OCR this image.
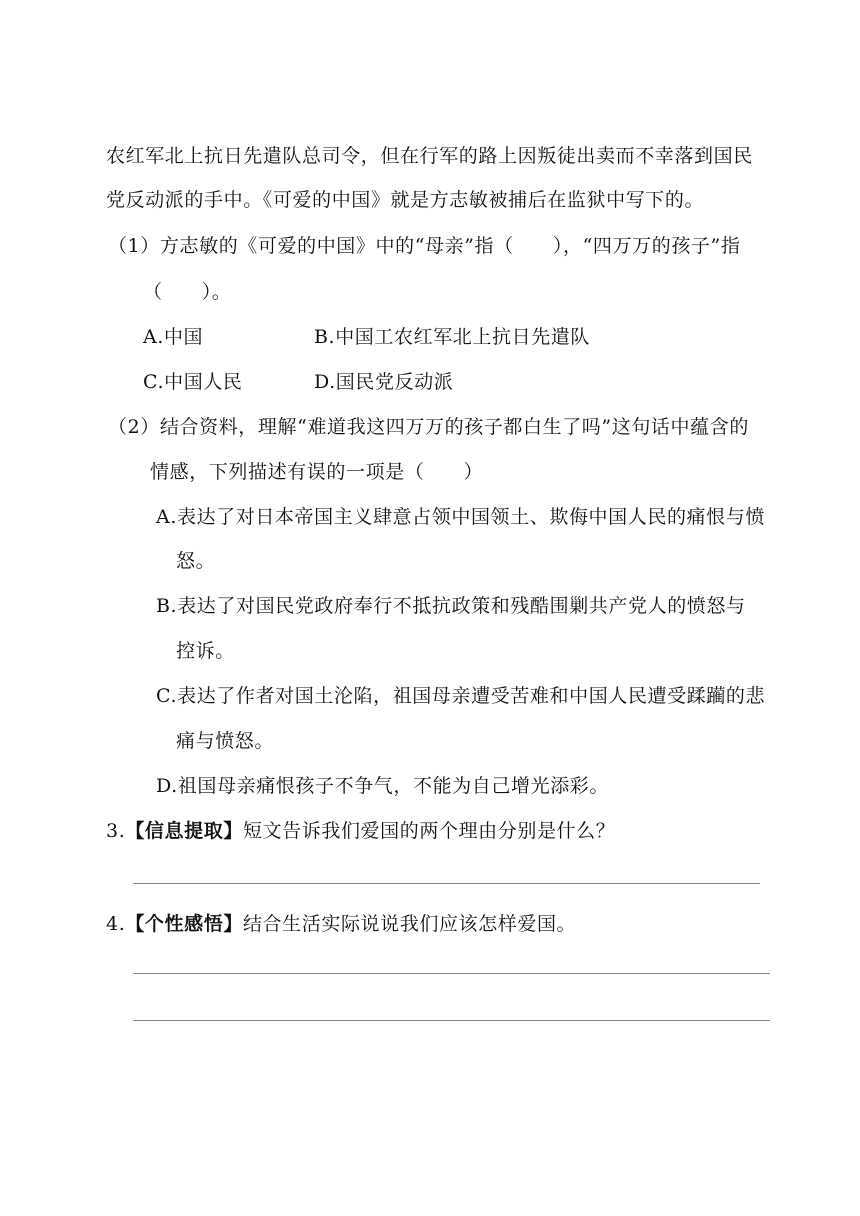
农红军北上抗日先遣队总司令，但在行军的路上因叛徒出卖而不幸落到国民
党反动派的手中。《可爱的中国》就是方志敏被捕后在监狱中写下的。
（1）方志敏的《可爱的中国》中的“母亲”指（　　），“四万万的孩子”指
（　　）。
A.中国	B.中国工农红军北上抗日先遣队
C.中国人民	D.国民党反动派
（2）结合资料，理解“难道我这四万万的孩子都白生了吗”这句话中蕴含的
情感，下列描述有误的一项是（　　）
A.表达了对日本帝国主义肆意占领中国领土、欺侮中国人民的痛恨与愤
怒。
B.表达了对国民党政府奉行不抵抗政策和残酷围剿共产党人的愤怒与
控诉。
C.表达了作者对国土沦陷，祖国母亲遭受苦难和中国人民遭受蹂躏的悲
痛与愤怒。
D.祖国母亲痛恨孩子不争气，不能为自己增光添彩。
3.【信息提取】短文告诉我们爱国的两个理由分别是什么？
4.【个性感悟】结合生活实际说说我们应该怎样爱国。
